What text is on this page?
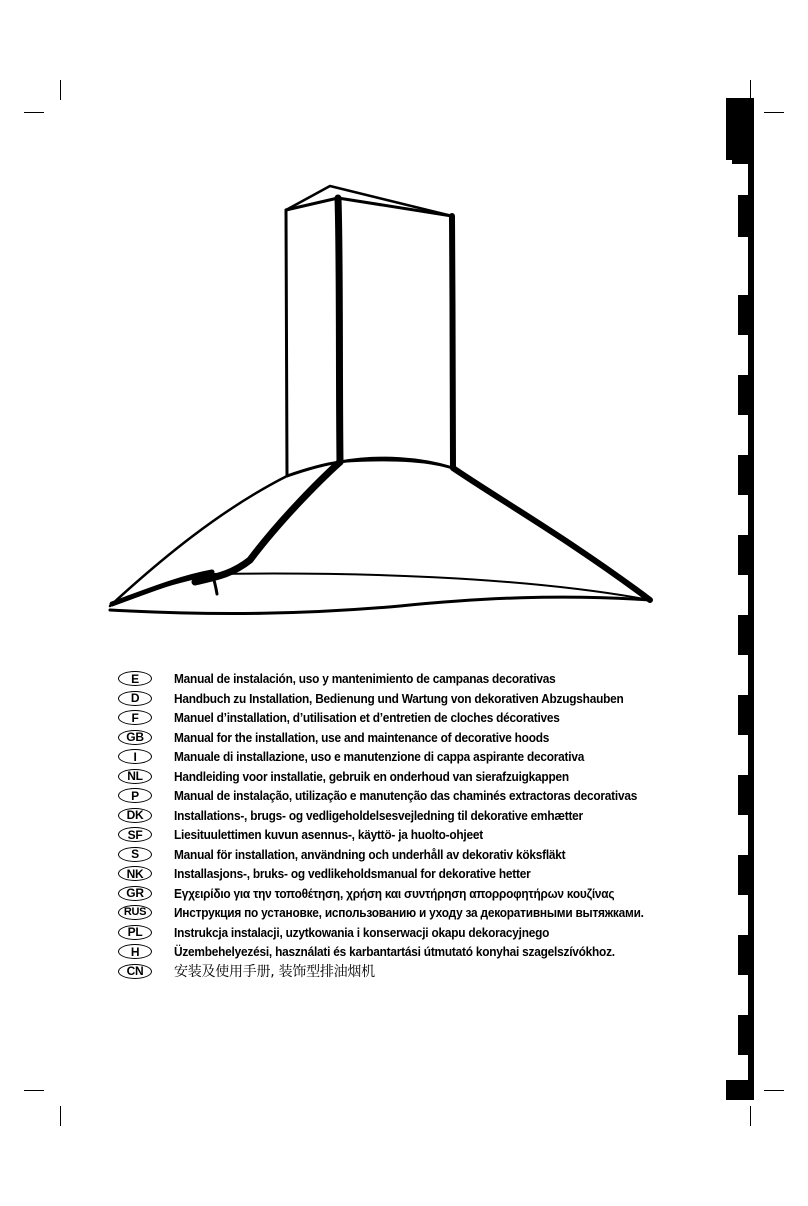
E	Manual de instalación, uso y mantenimiento de campanas decorativas
D	Handbuch zu Installation, Bedienung und Wartung von dekorativen Abzugshauben
F	Manuel d’installation, d’utilisation et d’entretien de cloches décoratives
GB	Manual for the installation, use and maintenance of decorative hoods
I	Manuale di installazione, uso e manutenzione di cappa aspirante decorativa
NL	Handleiding voor installatie, gebruik en onderhoud van sierafzuigkappen
P	Manual de instalação, utilização e manutenção das chaminés extractoras decorativas
DK	Installations-, brugs- og vedligeholdelsesvejledning til dekorative emhætter
SF	Liesituulettimen kuvun asennus-, käyttö- ja huolto-ohjeet
S	Manual för installation, användning och underhåll av dekorativ köksfläkt
NK	Installasjons-, bruks- og vedlikeholdsmanual for dekorative hetter
GR	Εγχειρίδιο για την τοποθέτηση, χρήση και συντήρηση απορροφητήρων κουζίνας
RUS	Инструкция по установке, использованию и уходу за декоративными вытяжками.
PL	Instrukcja instalacji, uzytkowania i konserwacji okapu dekoracyjnego
H	Üzembehelyezési, használati és karbantartási útmutató konyhai szagelszívókhoz.
CN	安装及使用手册, 装饰型排油烟机
